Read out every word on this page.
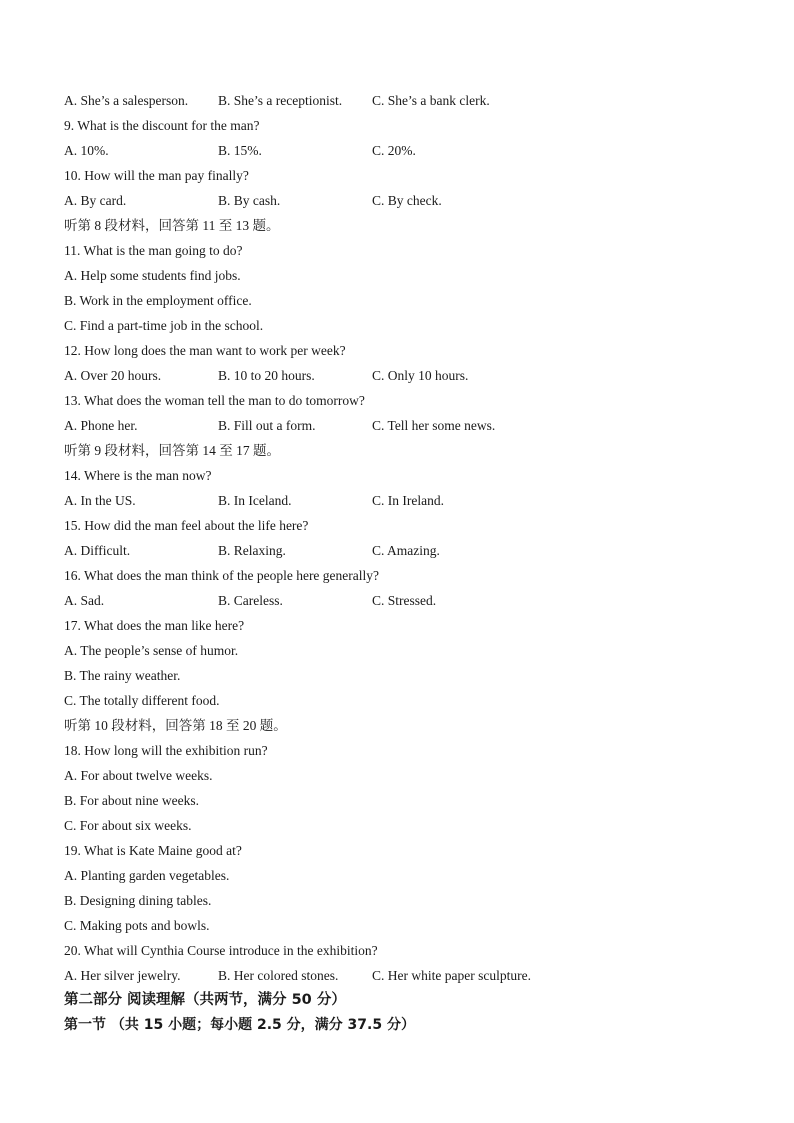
A. She’s a salesperson. B. She’s a receptionist. C. She’s a bank clerk.
9. What is the discount for the man?
A. 10%.	B. 15%.	C. 20%.
10. How will the man pay finally?
A. By card.	B. By cash.	C. By check.
听第 8 段材料，回答第 11 至 13 题。
11. What is the man going to do?
A. Help some students find jobs.
B. Work in the employment office.
C. Find a part-time job in the school.
12. How long does the man want to work per week?
A. Over 20 hours.	B. 10 to 20 hours.	C. Only 10 hours.
13. What does the woman tell the man to do tomorrow?
A. Phone her.	B. Fill out a form.	C. Tell her some news.
听第 9 段材料，回答第 14 至 17 题。
14. Where is the man now?
A. In the US.	B. In Iceland.	C. In Ireland.
15. How did the man feel about the life here?
A. Difficult.	B. Relaxing.	C. Amazing.
16. What does the man think of the people here generally?
A. Sad.	B. Careless.	C. Stressed.
17. What does the man like here?
A. The people’s sense of humor.
B. The rainy weather.
C. The totally different food.
听第 10 段材料，回答第 18 至 20 题。
18. How long will the exhibition run?
A. For about twelve weeks.
B. For about nine weeks.
C. For about six weeks.
19. What is Kate Maine good at?
A. Planting garden vegetables.
B. Designing dining tables.
C. Making pots and bowls.
20. What will Cynthia Course introduce in the exhibition?
A. Her silver jewelry.	B. Her colored stones. C. Her white paper sculpture.
第二部分 阅读理解（共两节，满分 50 分）
第一节 （共 15 小题；每小题 2.5 分，满分 37.5 分）
